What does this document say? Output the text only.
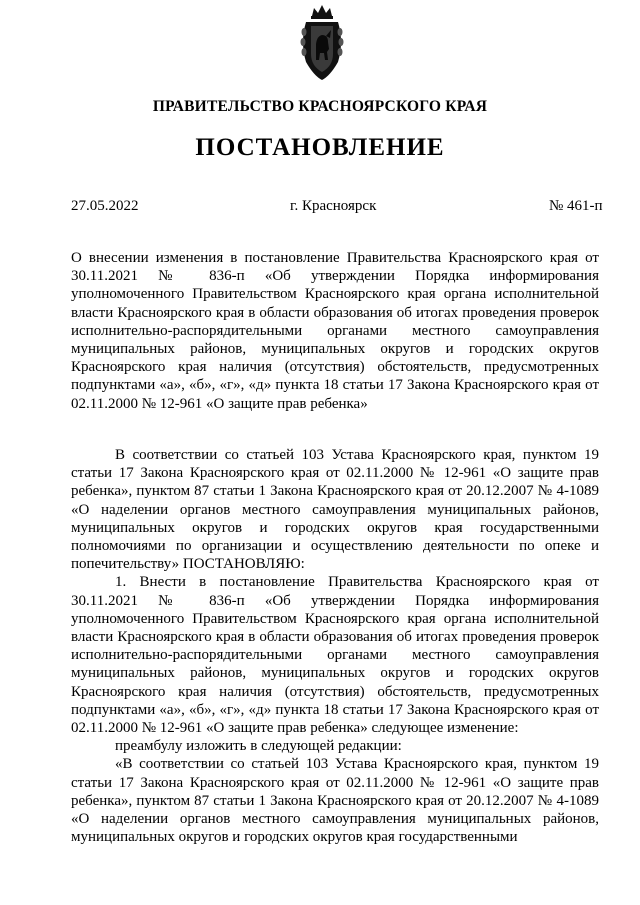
ПРАВИТЕЛЬСТВО КРАСНОЯРСКОГО КРАЯ
ПОСТАНОВЛЕНИЕ
27.05.2022	г. Красноярск	№ 461-п
О внесении изменения в постановление Правительства Красноярского края от 30.11.2021 № 836-п «Об утверждении Порядка информирования уполномоченного Правительством Красноярского края органа исполнительной власти Красноярского края в области образования об итогах проведения проверок исполнительно-распорядительными органами местного самоуправления муниципальных районов, муниципальных округов и городских округов Красноярского края наличия (отсутствия) обстоятельств, предусмотренных подпунктами «а», «б», «г», «д» пункта 18 статьи 17 Закона Красноярского края от 02.11.2000 № 12-961 «О защите прав ребенка»

В соответствии со статьей 103 Устава Красноярского края, пунктом 19 статьи 17 Закона Красноярского края от 02.11.2000 № 12-961 «О защите прав ребенка», пунктом 87 статьи 1 Закона Красноярского края от 20.12.2007 № 4-1089 «О наделении органов местного самоуправления муниципальных районов, муниципальных округов и городских округов края государственными полномочиями по организации и осуществлению деятельности по опеке и попечительству» ПОСТАНОВЛЯЮ:

1. Внести в постановление Правительства Красноярского края от 30.11.2021 № 836-п «Об утверждении Порядка информирования уполномоченного Правительством Красноярского края органа исполнительной власти Красноярского края в области образования об итогах проведения проверок исполнительно-распорядительными органами местного самоуправления муниципальных районов, муниципальных округов и городских округов Красноярского края наличия (отсутствия) обстоятельств, предусмотренных подпунктами «а», «б», «г», «д» пункта 18 статьи 17 Закона Красноярского края от 02.11.2000 № 12-961 «О защите прав ребенка» следующее изменение:

преамбулу изложить в следующей редакции:

«В соответствии со статьей 103 Устава Красноярского края, пунктом 19 статьи 17 Закона Красноярского края от 02.11.2000 № 12-961 «О защите прав ребенка», пунктом 87 статьи 1 Закона Красноярского края от 20.12.2007 № 4-1089 «О наделении органов местного самоуправления муниципальных районов, муниципальных округов и городских округов края государственными
